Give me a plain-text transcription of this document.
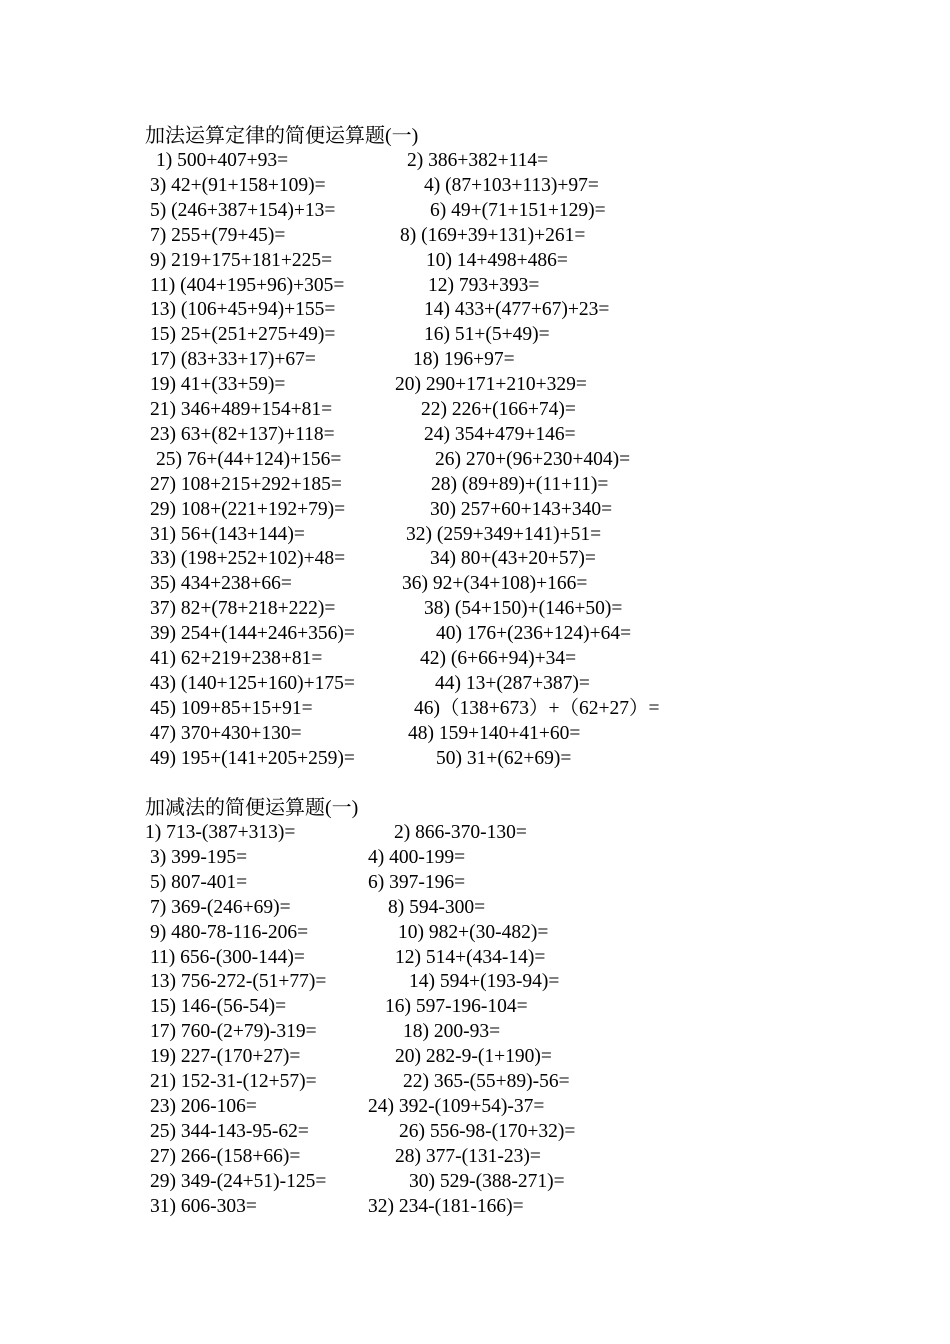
加法运算定律的简便运算题(一)
1) 500+407+93=	2) 386+382+114=
3) 42+(91+158+109)=	4) (87+103+113)+97=
5) (246+387+154)+13=	6) 49+(71+151+129)=
7) 255+(79+45)=	8) (169+39+131)+261=
9) 219+175+181+225=	10) 14+498+486=
11) (404+195+96)+305=	12) 793+393=
13) (106+45+94)+155=	14) 433+(477+67)+23=
15) 25+(251+275+49)=	16) 51+(5+49)=
17) (83+33+17)+67=	18) 196+97=
19) 41+(33+59)=	20) 290+171+210+329=
21) 346+489+154+81=	22) 226+(166+74)=
23) 63+(82+137)+118=	24) 354+479+146=
25) 76+(44+124)+156=	26) 270+(96+230+404)=
27) 108+215+292+185=	28) (89+89)+(11+11)=
29) 108+(221+192+79)=	30) 257+60+143+340=
31) 56+(143+144)=	32) (259+349+141)+51=
33) (198+252+102)+48=	34) 80+(43+20+57)=
35) 434+238+66=	36) 92+(34+108)+166=
37) 82+(78+218+222)=	38) (54+150)+(146+50)=
39) 254+(144+246+356)=	40) 176+(236+124)+64=
41) 62+219+238+81=	42) (6+66+94)+34=
43) (140+125+160)+175=	44) 13+(287+387)=
45) 109+85+15+91=	46)（138+673）+（62+27）=
47) 370+430+130=	48) 159+140+41+60=
49) 195+(141+205+259)=	50) 31+(62+69)=
加减法的简便运算题(一)
1) 713-(387+313)=	2) 866-370-130=
3) 399-195=	4) 400-199=
5) 807-401=	6) 397-196=
7) 369-(246+69)=	8) 594-300=
9) 480-78-116-206=	10) 982+(30-482)=
11) 656-(300-144)=	12) 514+(434-14)=
13) 756-272-(51+77)=	14) 594+(193-94)=
15) 146-(56-54)=	16) 597-196-104=
17) 760-(2+79)-319=	18) 200-93=
19) 227-(170+27)=	20) 282-9-(1+190)=
21) 152-31-(12+57)=	22) 365-(55+89)-56=
23) 206-106=	24) 392-(109+54)-37=
25) 344-143-95-62=	26) 556-98-(170+32)=
27) 266-(158+66)=	28) 377-(131-23)=
29) 349-(24+51)-125=	30) 529-(388-271)=
31) 606-303=	32) 234-(181-166)=
